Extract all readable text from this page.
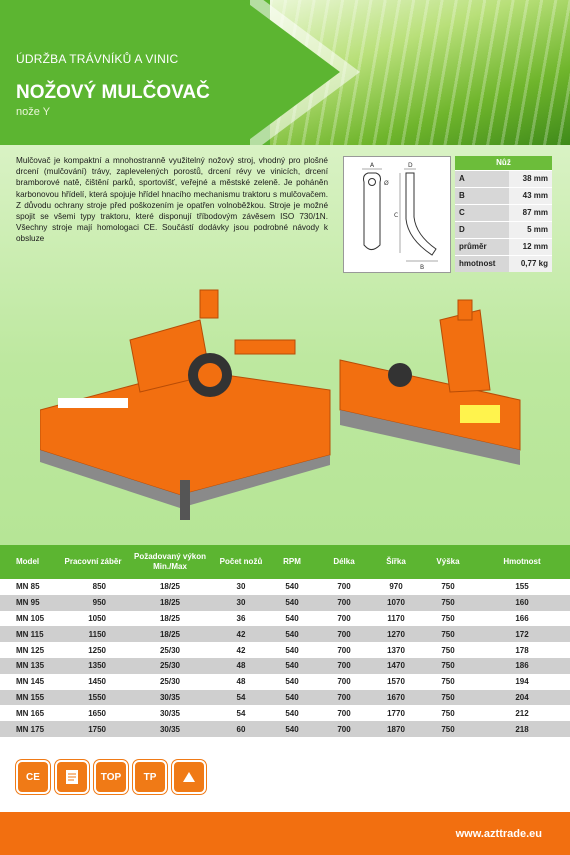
ÚDRŽBA TRÁVNÍKŮ A VINIC
NOŽOVÝ MULČOVAČ
nože Y

Mulčovač je kompaktní a mnohostranně využitelný nožový stroj, vhodný pro plošné drcení (mulčování) trávy, zaplevelených porostů, drcení révy ve vinicích, drcení bramborové natě, čištění parků, sportovišť, veřejné a městské zeleně. Je poháněn karbonovou hřídelí, která spojuje hřídel hnacího mechanismu traktoru s mulčovačem. Z důvodu ochrany stroje před poškozením je opatřen volnoběžkou. Stroje je možné spojit se všemi typy traktoru, které disponují tříbodovým závěsem ISO 730/1N. Všechny stroje mají homologaci CE. Součástí dodávky jsou podrobné návody k obsluze

A
Ø
D
C
B
Nůž	
A	38 mm
B	43 mm
C	87 mm
D	5 mm
průměr	12 mm
hmotnost	0,77 kg
Model	Pracovní záběr	Požadovaný výkon Min./Max	Počet nožů	RPM	Délka	Šířka	Výška	Hmotnost
MN 85	850	18/25	30	540	700	970	750	155
MN 95	950	18/25	30	540	700	1070	750	160
MN 105	1050	18/25	36	540	700	1170	750	166
MN 115	1150	18/25	42	540	700	1270	750	172
MN 125	1250	25/30	42	540	700	1370	750	178
MN 135	1350	25/30	48	540	700	1470	750	186
MN 145	1450	25/30	48	540	700	1570	750	194
MN 155	1550	30/35	54	540	700	1670	750	204
MN 165	1650	30/35	54	540	700	1770	750	212
MN 175	1750	30/35	60	540	700	1870	750	218
CE	TOP	TP
www.azttrade.eu
